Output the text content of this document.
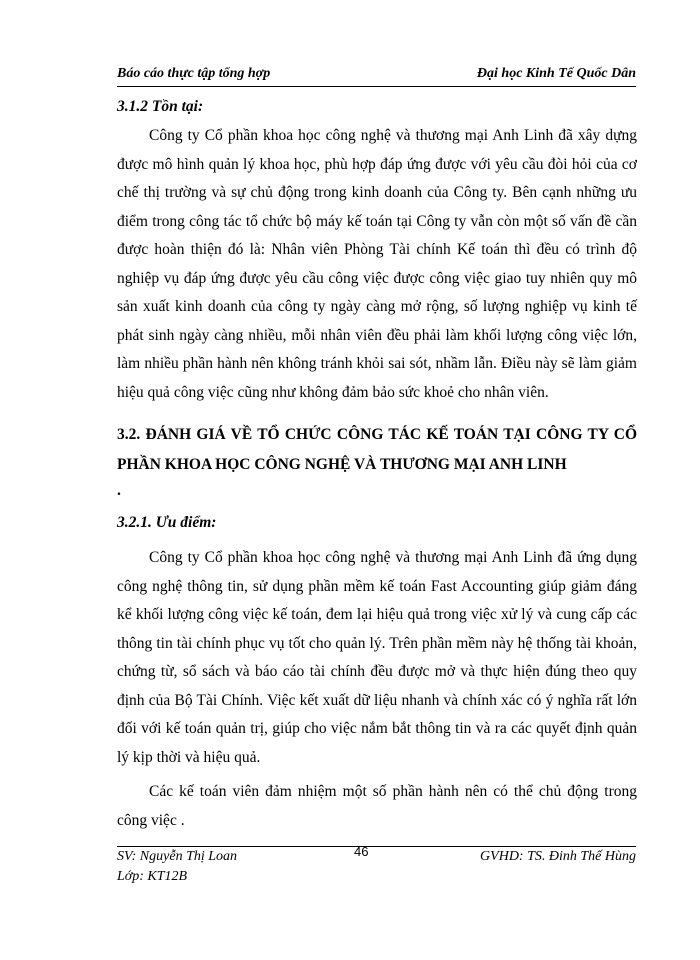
Báo cáo thực tập tổng hợp	Đại học Kinh Tế Quốc Dân

3.1.2 Tồn tại:

Công ty Cổ phần khoa học công nghệ và thương mại Anh Linh đã xây dựng được mô hình quản lý khoa học, phù hợp đáp ứng được với yêu cầu đòi hỏi của cơ chế thị trường và sự chủ động trong kinh doanh của Công ty. Bên cạnh những ưu điểm trong công tác tổ chức bộ máy kế toán tại Công ty vẫn còn một số vấn đề cần được hoàn thiện đó là: Nhân viên Phòng Tài chính Kế toán thì đều có trình độ nghiệp vụ đáp ứng được yêu cầu công việc được công việc giao tuy nhiên quy mô sản xuất kinh doanh của công ty ngày càng mở rộng, số lượng nghiệp vụ kinh tế phát sinh ngày càng nhiều, mỗi nhân viên đều phải làm khối lượng công việc lớn, làm nhiều phần hành nên không tránh khỏi sai sót, nhầm lẫn. Điều này sẽ làm giảm hiệu quả công việc cũng như không đảm bảo sức khoẻ cho nhân viên.

3.2. ĐÁNH GIÁ VỀ TỔ CHỨC CÔNG TÁC KẾ TOÁN TẠI CÔNG TY CỔ PHẦN KHOA HỌC CÔNG NGHỆ VÀ THƯƠNG MẠI ANH LINH

.

3.2.1. Ưu điểm:

Công ty Cổ phần khoa học công nghệ và thương mại Anh Linh đã ứng dụng công nghệ thông tin, sử dụng phần mềm kế toán Fast Accounting giúp giảm đáng kể khối lượng công việc kế toán, đem lại hiệu quả trong việc xử lý và cung cấp các thông tin tài chính phục vụ tốt cho quản lý. Trên phần mềm này hệ thống tài khoản, chứng từ, sổ sách và báo cáo tài chính đều được mở và thực hiện đúng theo quy định của Bộ Tài Chính. Việc kết xuất dữ liệu nhanh và chính xác có ý nghĩa rất lớn đối với kế toán quản trị, giúp cho việc nắm bắt thông tin và ra các quyết định quản lý kịp thời và hiệu quả.

Các kế toán viên đảm nhiệm một số phần hành nên có thể chủ động trong công việc .

SV: Nguyễn Thị Loan
Lớp: KT12B
46	GVHD: TS. Đinh Thế Hùng
